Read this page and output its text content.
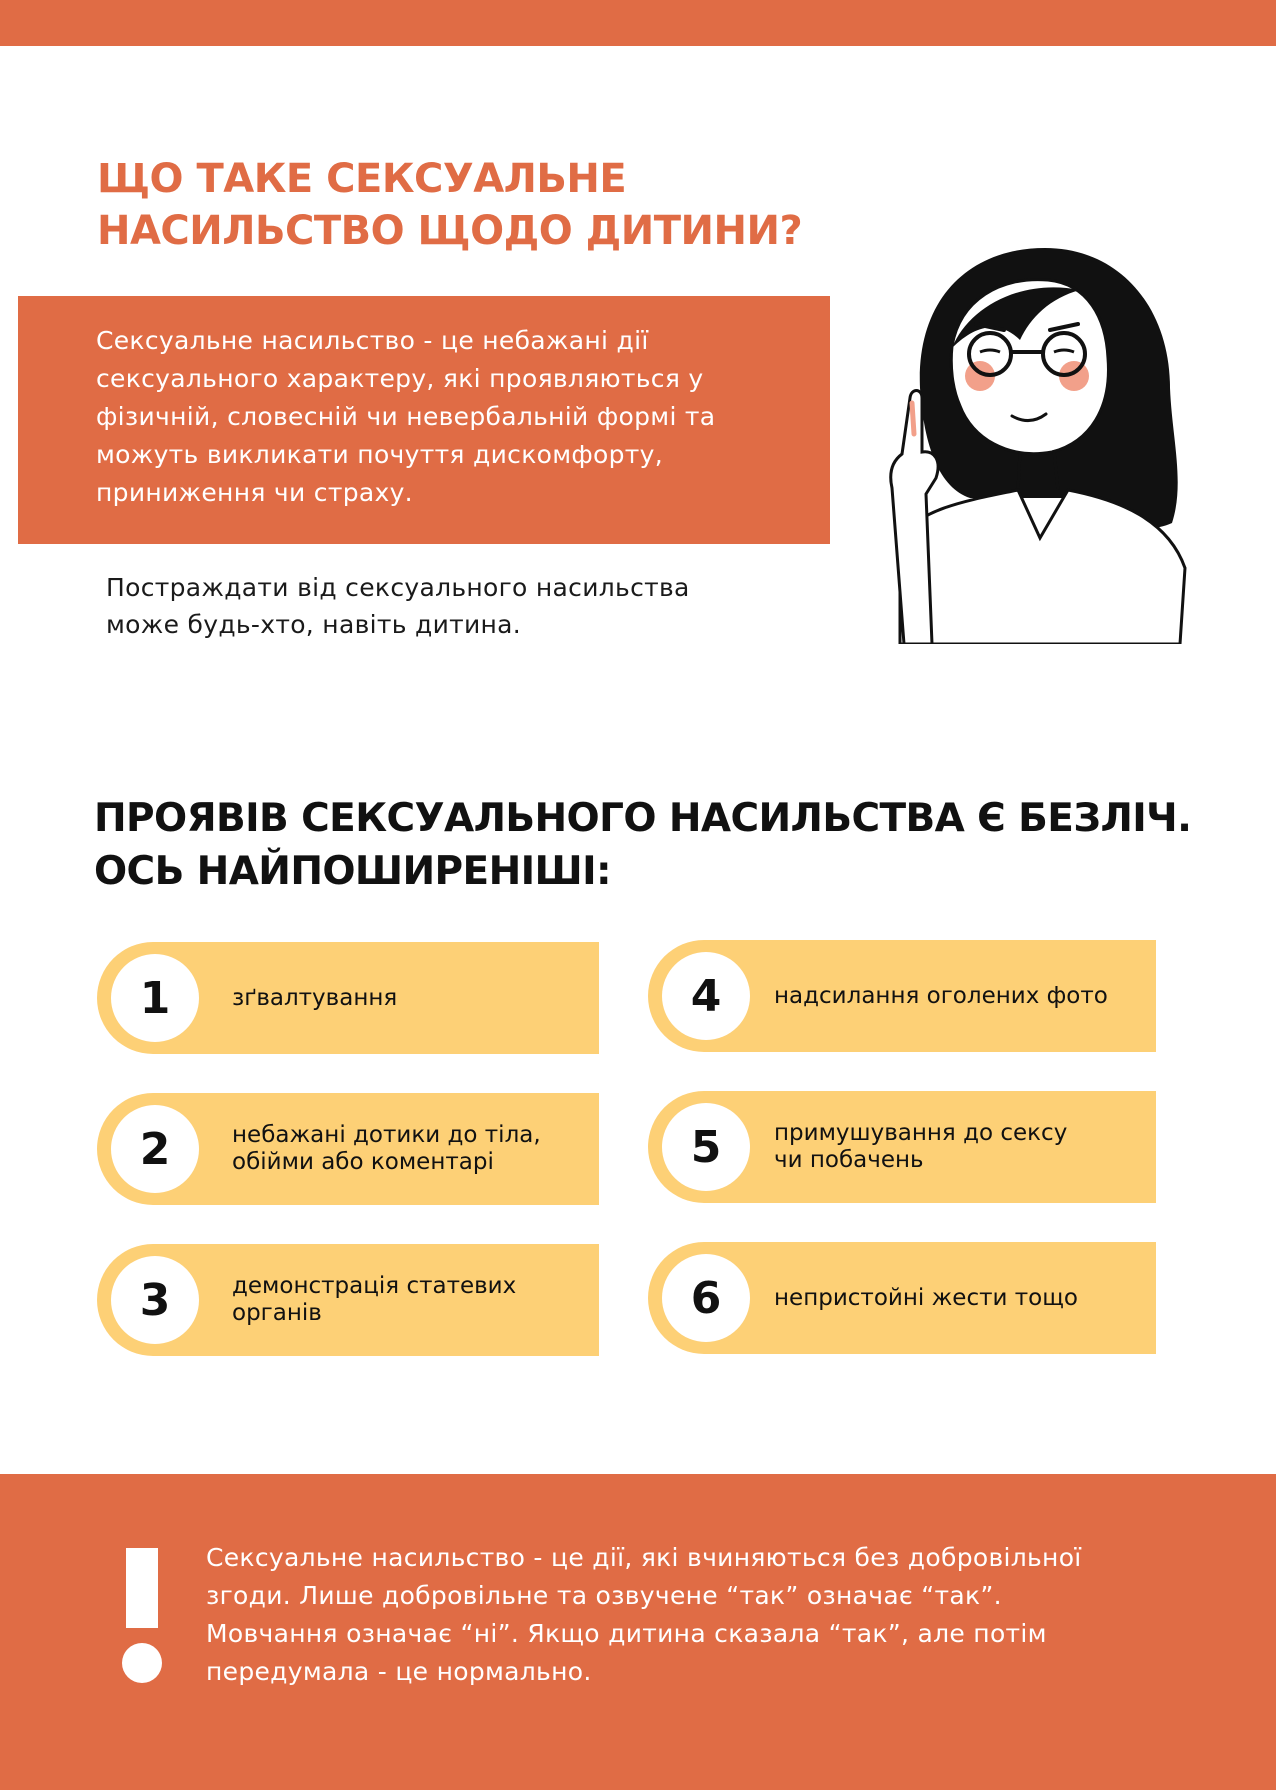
ЩО ТАКЕ СЕКСУАЛЬНЕ
НАСИЛЬСТВО ЩОДО ДИТИНИ?

Сексуальне насильство - це небажані дії
сексуального характеру, які проявляються у
фізичній, словесній чи невербальній формі та
можуть викликати почуття дискомфорту,
приниження чи страху.

Постраждати від сексуального насильства
може будь-хто, навіть дитина.

ПРОЯВІВ СЕКСУАЛЬНОГО НАСИЛЬСТВА Є БЕЗЛІЧ.
ОСЬ НАЙПОШИРЕНІШІ:
1	зґвалтування
2	небажані дотики до тіла,
обійми або коментарі
3	демонстрація статевих
органів
4	надсилання оголених фото
5	примушування до сексу
чи побачень
6	непристойні жести тощо

Сексуальне насильство - це дії, які вчиняються без добровільної
згоди. Лише добровільне та озвучене “так” означає “так”.
Мовчання означає “ні”. Якщо дитина сказала “так”, але потім
передумала - це нормально.
